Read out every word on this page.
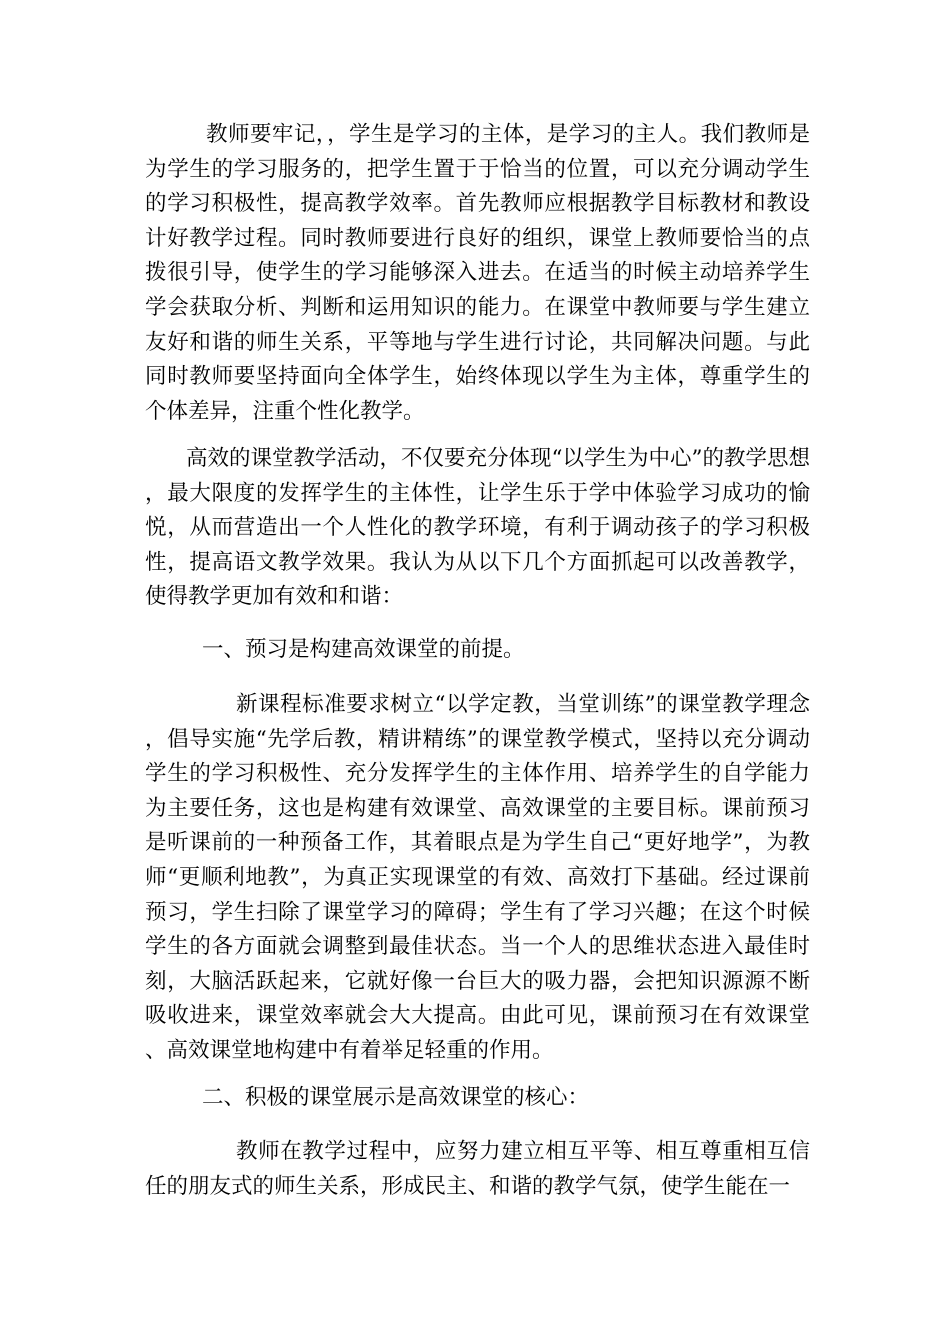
教师要牢记，，学生是学习的主体，是学习的主人。我们教师是为学生的学习服务的，把学生置于于恰当的位置，可以充分调动学生的学习积极性，提高教学效率。首先教师应根据教学目标教材和教设计好教学过程。同时教师要进行良好的组织，课堂上教师要恰当的点拨很引导，使学生的学习能够深入进去。在适当的时候主动培养学生学会获取分析、判断和运用知识的能力。在课堂中教师要与学生建立友好和谐的师生关系，平等地与学生进行讨论，共同解决问题。与此同时教师要坚持面向全体学生，始终体现以学生为主体，尊重学生的个体差异，注重个性化教学。

高效的课堂教学活动，不仅要充分体现“以学生为中心”的教学思想，最大限度的发挥学生的主体性，让学生乐于学中体验学习成功的愉悦，从而营造出一个人性化的教学环境，有利于调动孩子的学习积极性，提高语文教学效果。我认为从以下几个方面抓起可以改善教学，使得教学更加有效和和谐：

一、预习是构建高效课堂的前提。

新课程标准要求树立“以学定教，当堂训练”的课堂教学理念，倡导实施“先学后教，精讲精练”的课堂教学模式，坚持以充分调动学生的学习积极性、充分发挥学生的主体作用、培养学生的自学能力为主要任务，这也是构建有效课堂、高效课堂的主要目标。课前预习是听课前的一种预备工作，其着眼点是为学生自己“更好地学”，为教师“更顺利地教”，为真正实现课堂的有效、高效打下基础。经过课前预习，学生扫除了课堂学习的障碍；学生有了学习兴趣；在这个时候学生的各方面就会调整到最佳状态。当一个人的思维状态进入最佳时刻，大脑活跃起来，它就好像一台巨大的吸力器，会把知识源源不断吸收进来，课堂效率就会大大提高。由此可见，课前预习在有效课堂、高效课堂地构建中有着举足轻重的作用。

二、积极的课堂展示是高效课堂的核心：

教师在教学过程中，应努力建立相互平等、相互尊重相互信任的朋友式的师生关系，形成民主、和谐的教学气氛，使学生能在一
